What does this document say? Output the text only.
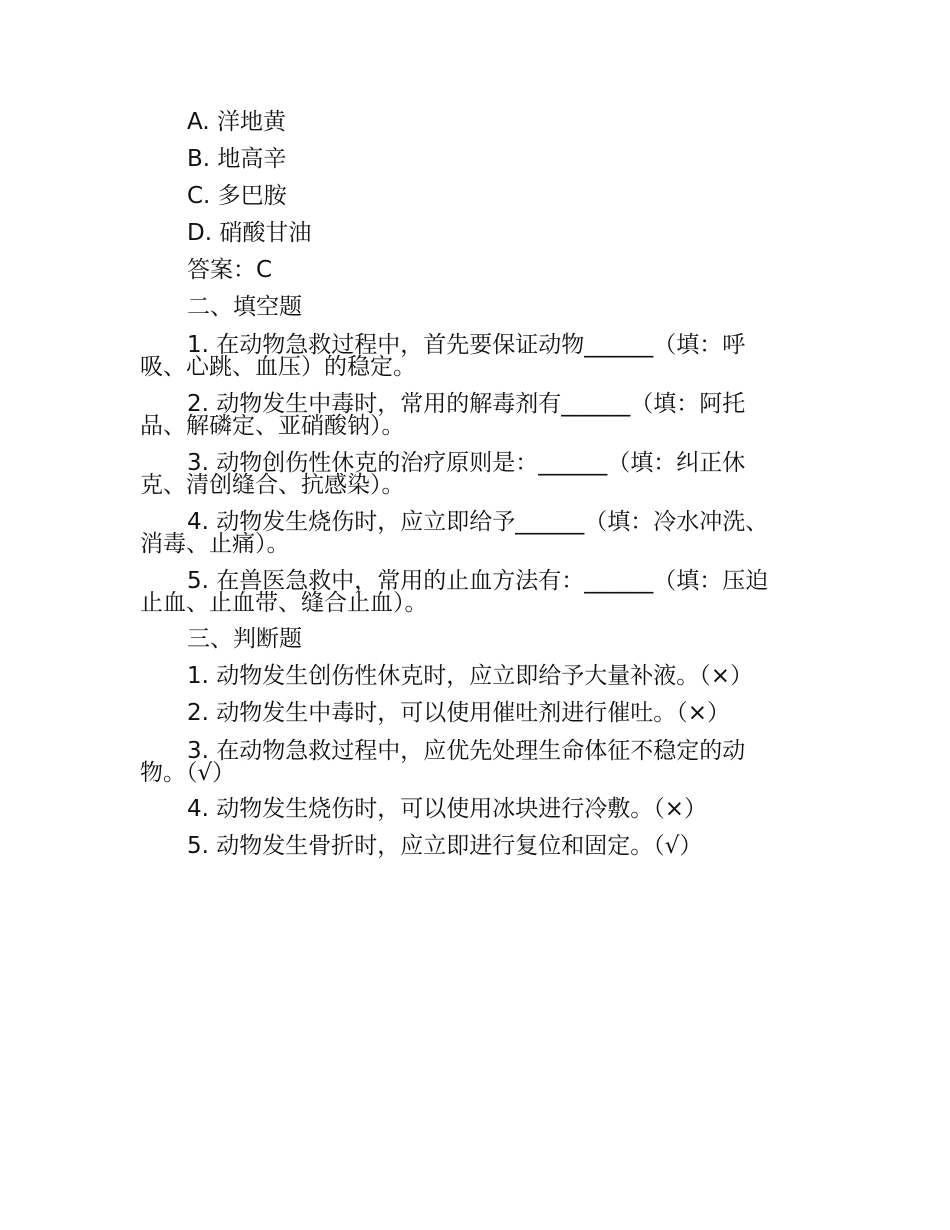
A. 洋地黄
B. 地高辛
C. 多巴胺
D. 硝酸甘油
答案：C
二、填空题
1. 在动物急救过程中，首先要保证动物______（填：呼吸、心跳、血压）的稳定。
2. 动物发生中毒时，常用的解毒剂有______（填：阿托品、解磷定、亚硝酸钠）。
3. 动物创伤性休克的治疗原则是：______（填：纠正休克、清创缝合、抗感染）。
4. 动物发生烧伤时，应立即给予______（填：冷水冲洗、消毒、止痛）。
5. 在兽医急救中，常用的止血方法有：______（填：压迫止血、止血带、缝合止血）。
三、判断题
1. 动物发生创伤性休克时，应立即给予大量补液。（×）
2. 动物发生中毒时，可以使用催吐剂进行催吐。（×）
3. 在动物急救过程中，应优先处理生命体征不稳定的动物。（√）
4. 动物发生烧伤时，可以使用冰块进行冷敷。（×）
5. 动物发生骨折时，应立即进行复位和固定。（√）
